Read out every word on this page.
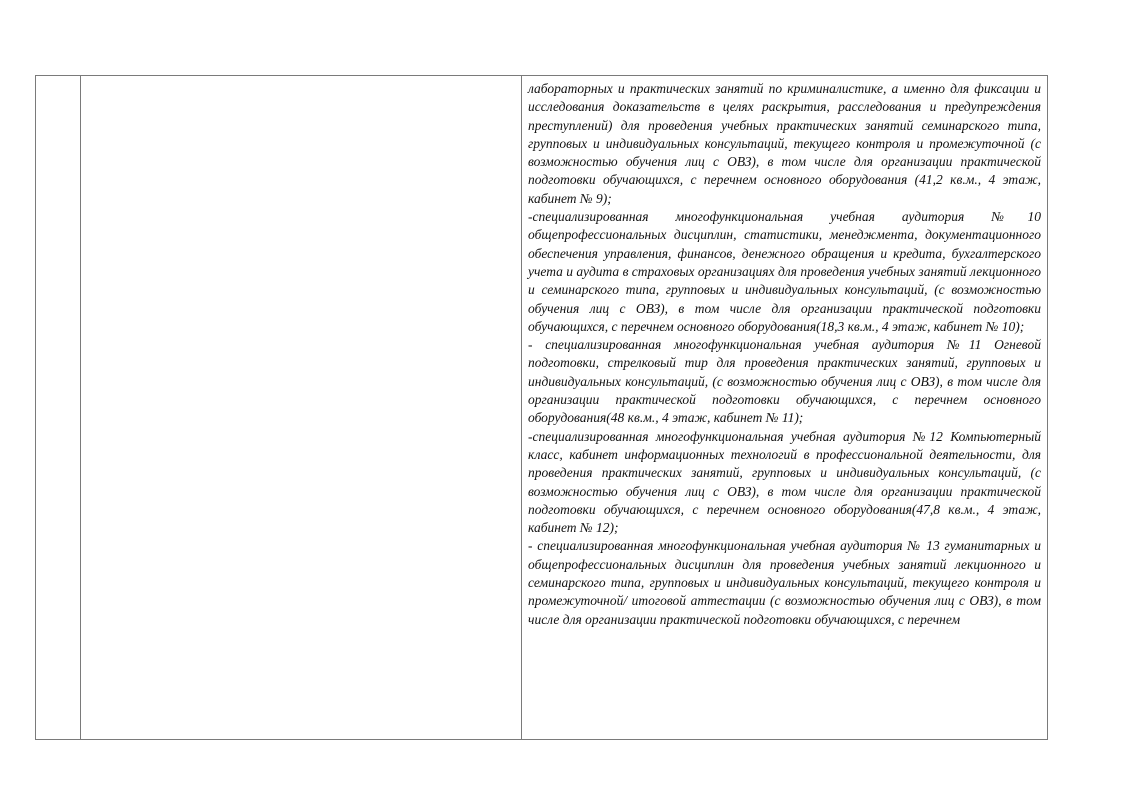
лабораторных и практических занятий по криминалистике, а именно для фиксации и исследования доказательств в целях раскрытия, расследования и предупреждения преступлений) для проведения учебных практических занятий семинарского типа, групповых и индивидуальных консультаций, текущего контроля и промежуточной (с возможностью обучения лиц с ОВЗ), в том числе для организации практической подготовки обучающихся, с перечнем основного оборудования (41,2 кв.м., 4 этаж, кабинет № 9);

-специализированная многофункциональная учебная аудитория №10 общепрофессиональных дисциплин, статистики, менеджмента, документационного обеспечения управления, финансов, денежного обращения и кредита, бухгалтерского учета и аудита в страховых организациях для проведения учебных занятий лекционного и семинарского типа, групповых и индивидуальных консультаций, (с возможностью обучения лиц с ОВЗ), в том числе для организации практической подготовки обучающихся, с перечнем основного оборудования(18,3 кв.м., 4 этаж, кабинет № 10);

- специализированная многофункциональная учебная аудитория №11 Огневой подготовки, стрелковый тир для проведения практических занятий, групповых и индивидуальных консультаций, (с возможностью обучения лиц с ОВЗ), в том числе для организации практической подготовки обучающихся, с перечнем основного оборудования(48 кв.м., 4 этаж, кабинет № 11);

-специализированная многофункциональная учебная аудитория №12 Компьютерный класс, кабинет информационных технологий в профессиональной деятельности, для проведения практических занятий, групповых и индивидуальных консультаций, (с возможностью обучения лиц с ОВЗ), в том числе для организации практической подготовки обучающихся, с перечнем основного оборудования(47,8 кв.м., 4 этаж, кабинет № 12);

- специализированная многофункциональная учебная аудитория № 13 гуманитарных и общепрофессиональных дисциплин для проведения учебных занятий лекционного и семинарского типа, групповых и индивидуальных консультаций, текущего контроля и промежуточной/ итоговой аттестации (с возможностью обучения лиц с ОВЗ), в том числе для организации практической подготовки обучающихся, с перечнем
